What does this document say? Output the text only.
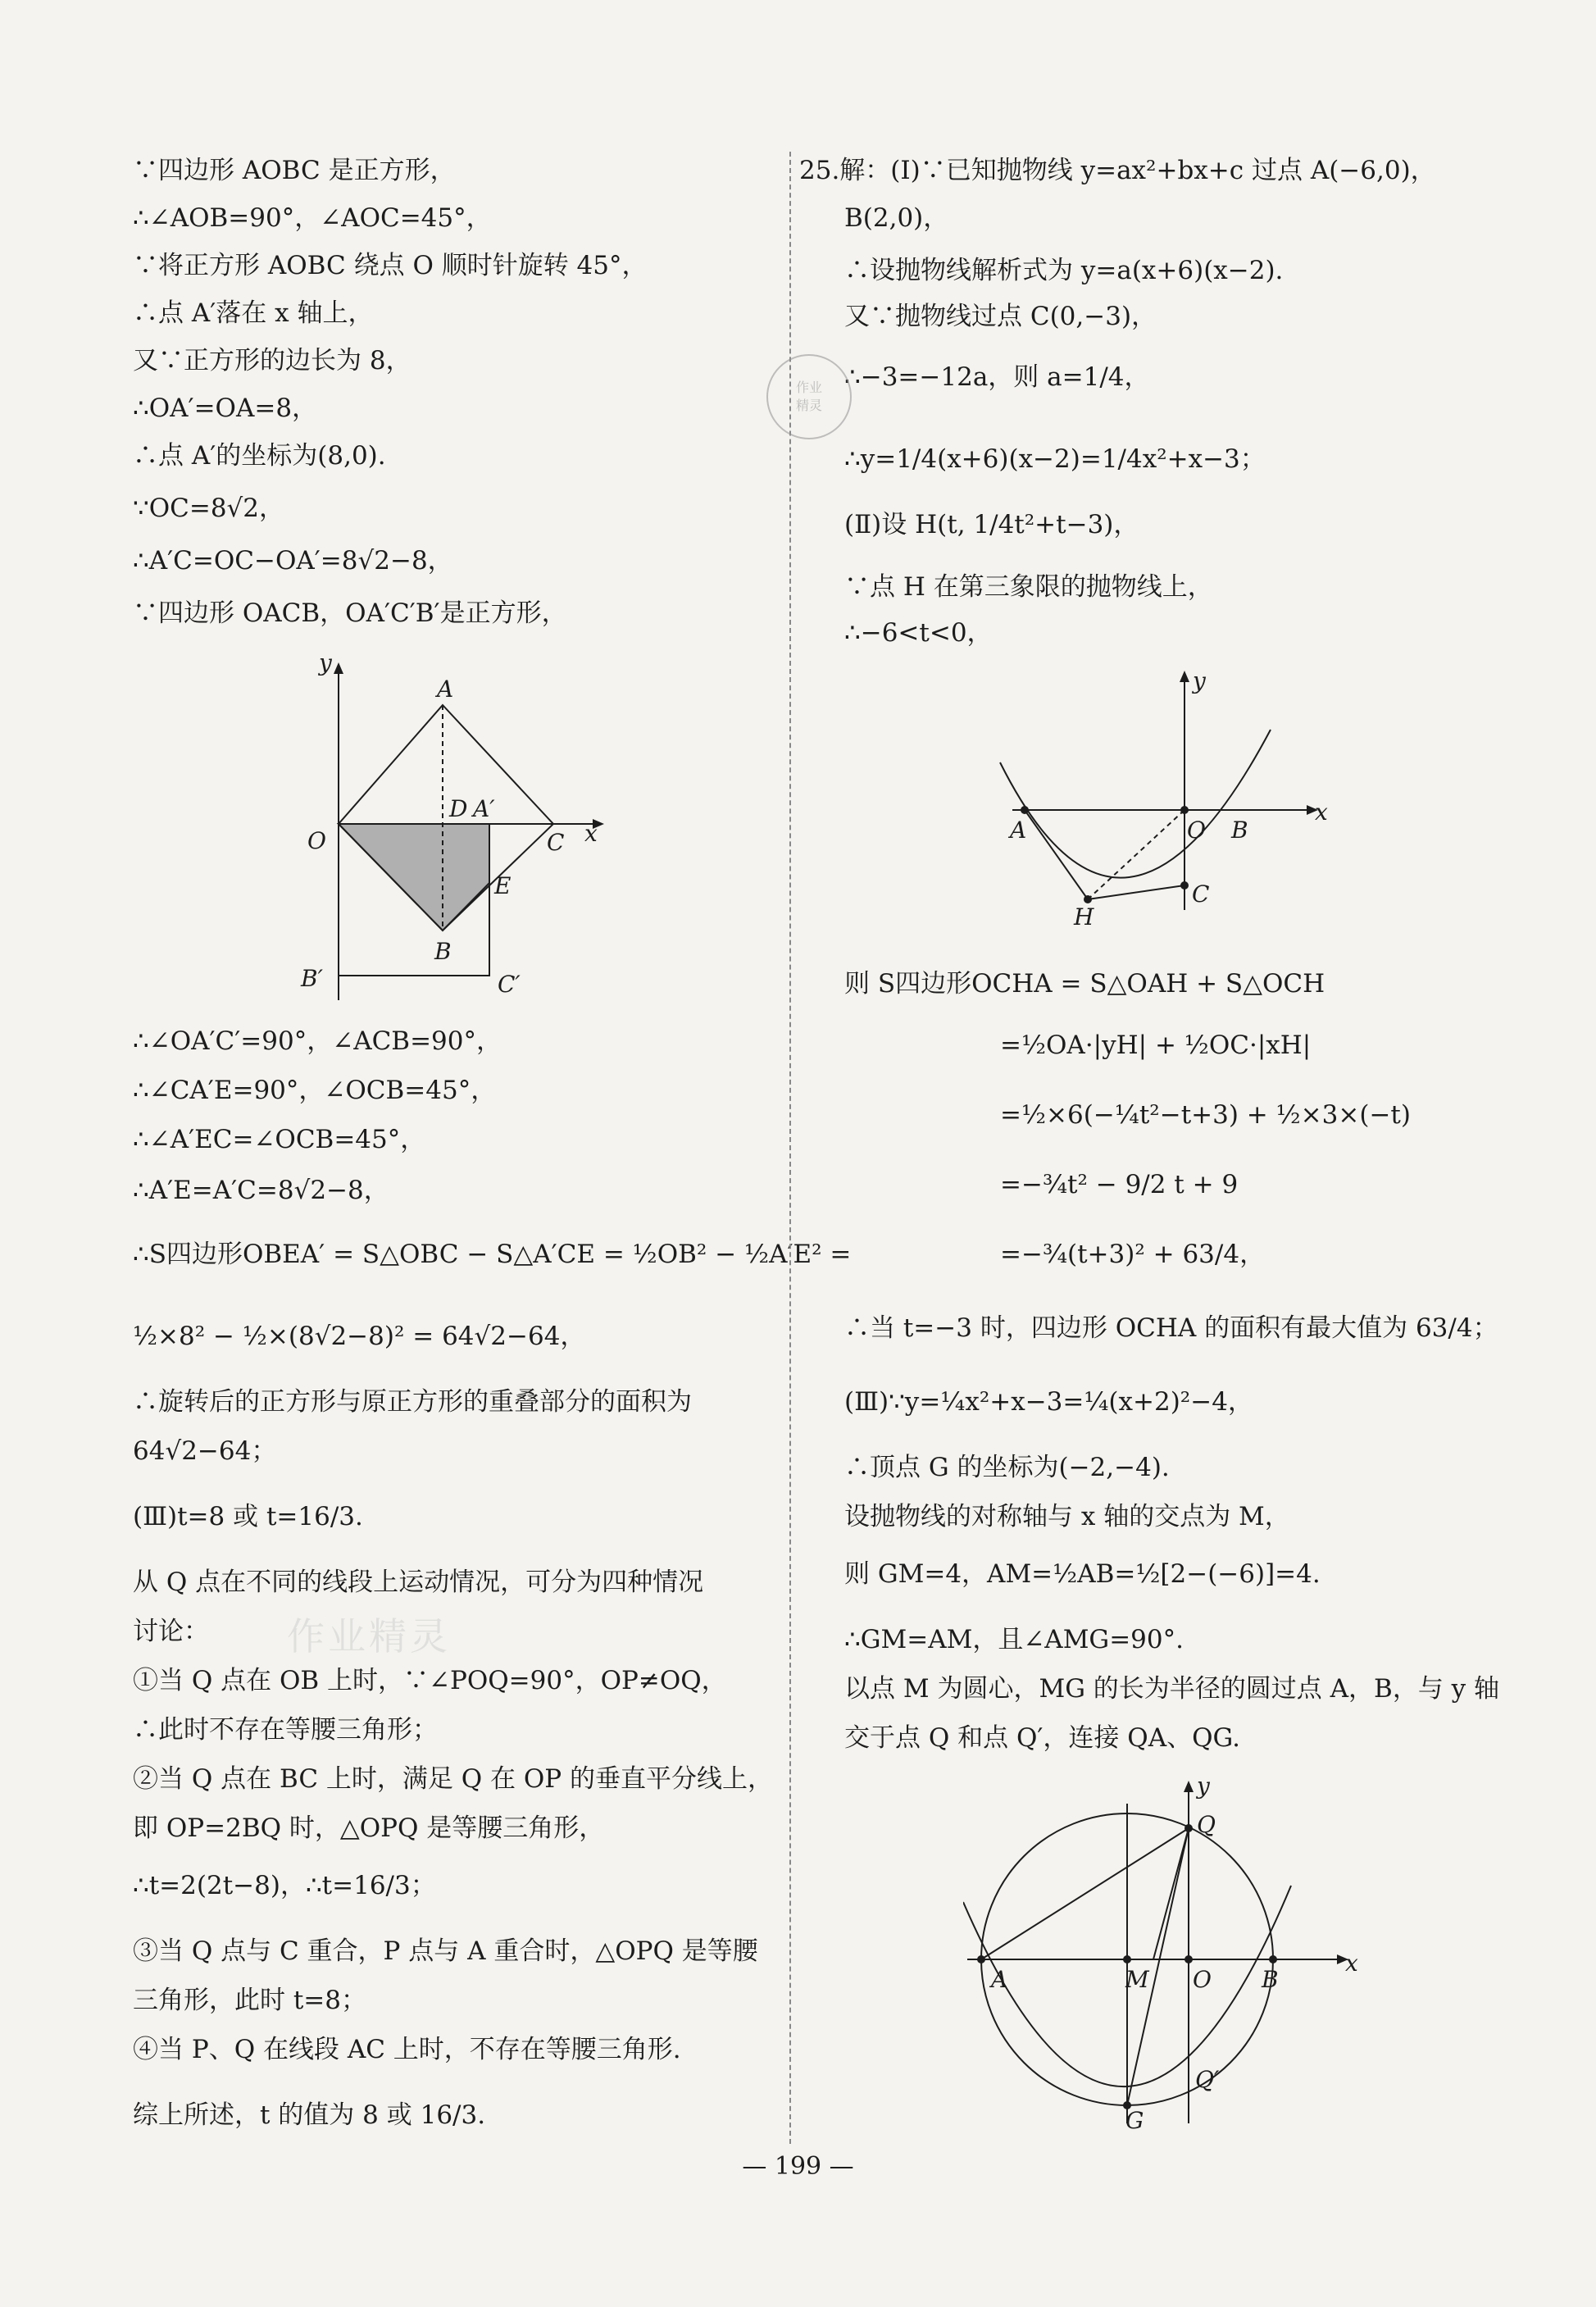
∵四边形 AOBC 是正方形，
∴∠AOB=90°，∠AOC=45°，
∵将正方形 AOBC 绕点 O 顺时针旋转 45°，
∴点 A′落在 x 轴上，
又∵正方形的边长为 8，
∴OA′=OA=8，
∴点 A′的坐标为(8,0).
∵OC=8√2，
∴A′C=OC−OA′=8√2−8，
∵四边形 OACB，OA′C′B′是正方形，
y
A
D A′
O	C x
E
B
B′	C′
∴∠OA′C′=90°，∠ACB=90°，
∴∠CA′E=90°，∠OCB=45°，
∴∠A′EC=∠OCB=45°，
∴A′E=A′C=8√2−8，
∴S四边形OBEA′ = S△OBC − S△A′CE = ½OB² − ½A′E² =
½×8² − ½×(8√2−8)² = 64√2−64，
∴旋转后的正方形与原正方形的重叠部分的面积为
64√2−64；
(Ⅲ)t=8 或 t=16/3.
从 Q 点在不同的线段上运动情况，可分为四种情况
讨论：
①当 Q 点在 OB 上时，∵∠POQ=90°，OP≠OQ，
∴此时不存在等腰三角形；
②当 Q 点在 BC 上时，满足 Q 在 OP 的垂直平分线上，
即 OP=2BQ 时，△OPQ 是等腰三角形，
∴t=2(2t−8)，∴t=16/3；
③当 Q 点与 C 重合，P 点与 A 重合时，△OPQ 是等腰
三角形，此时 t=8；
④当 P、Q 在线段 AC 上时，不存在等腰三角形.
综上所述，t 的值为 8 或 16/3.
25.解：(Ⅰ)∵已知抛物线 y=ax²+bx+c 过点 A(−6,0)，
B(2,0)，
∴设抛物线解析式为 y=a(x+6)(x−2).
又∵抛物线过点 C(0,−3)，
∴−3=−12a，则 a=1/4，
∴y=1/4(x+6)(x−2)=1/4x²+x−3；
(Ⅱ)设 H(t, 1/4t²+t−3)，
∵点 H 在第三象限的抛物线上，
∴−6<t<0，
y
x
A	O B
H
C
则 S四边形OCHA = S△OAH + S△OCH
=½OA·|yH| + ½OC·|xH|
=½×6(−¼t²−t+3) + ½×3×(−t)
=−¾t² − 9/2 t + 9
=−¾(t+3)² + 63/4，
∴当 t=−3 时，四边形 OCHA 的面积有最大值为 63/4；
(Ⅲ)∵y=¼x²+x−3=¼(x+2)²−4，
∴顶点 G 的坐标为(−2,−4).
设抛物线的对称轴与 x 轴的交点为 M，
则 GM=4，AM=½AB=½[2−(−6)]=4.
∴GM=AM，且∠AMG=90°.
以点 M 为圆心，MG 的长为半径的圆过点 A，B，与 y 轴
交于点 Q 和点 Q′，连接 QA、QG.
y
Q
x
A	M O B
Q′
G
作业
精灵
作业精灵
— 199 —
